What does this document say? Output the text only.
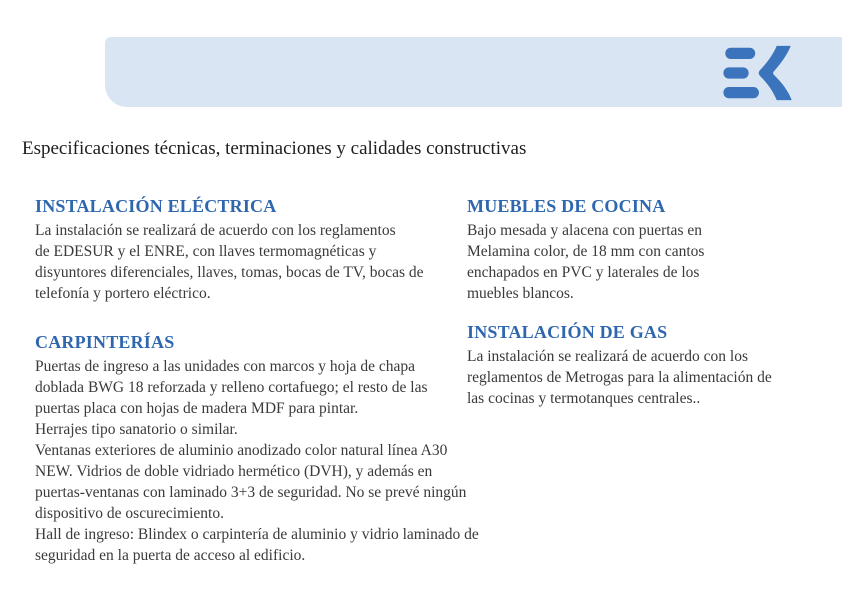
Especificaciones técnicas, terminaciones y calidades constructivas
INSTALACIÓN ELÉCTRICA
La instalación se realizará de acuerdo con los reglamentos
de EDESUR y el ENRE, con llaves termomagnéticas y
disyuntores diferenciales, llaves, tomas, bocas de TV, bocas de
telefonía y portero eléctrico.
CARPINTERÍAS
Puertas de ingreso a las unidades con marcos y hoja de chapa
doblada BWG 18 reforzada y relleno cortafuego; el resto de las
puertas placa con hojas de madera MDF para pintar.
Herrajes tipo sanatorio o similar.
Ventanas exteriores de aluminio anodizado color natural línea A30
NEW. Vidrios de doble vidriado hermético (DVH), y además en
puertas-ventanas con laminado 3+3 de seguridad. No se prevé ningún
dispositivo de oscurecimiento.
Hall de ingreso: Blindex o carpintería de aluminio y vidrio laminado de
seguridad en la puerta de acceso al edificio.
MUEBLES DE COCINA
Bajo mesada y alacena con puertas en
Melamina color, de 18 mm con cantos
enchapados en PVC y laterales de los
muebles blancos.
INSTALACIÓN DE GAS
La instalación se realizará de acuerdo con los
reglamentos de Metrogas para la alimentación de
las cocinas y termotanques centrales..
